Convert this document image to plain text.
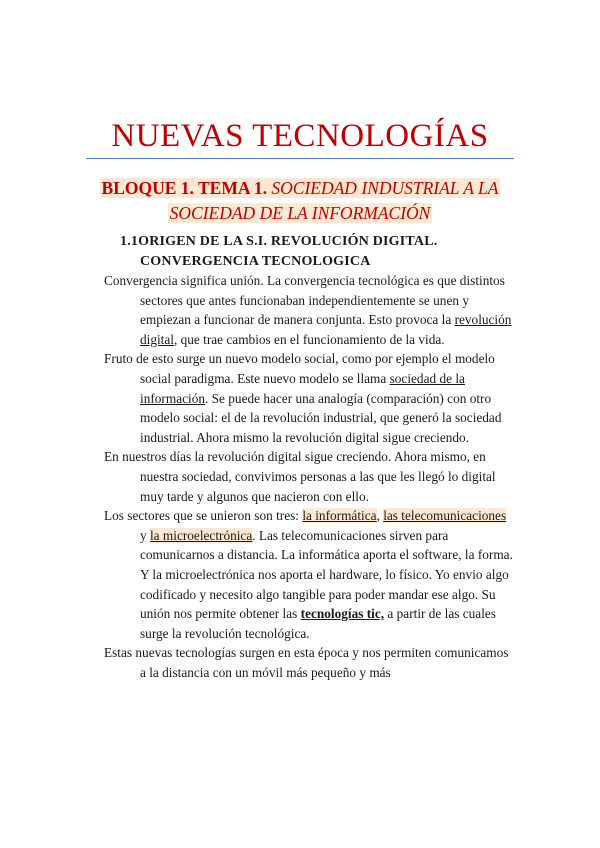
NUEVAS TECNOLOGÍAS
BLOQUE 1. TEMA 1. SOCIEDAD INDUSTRIAL A LA
SOCIEDAD DE LA INFORMACIÓN
1.1ORIGEN DE LA S.I. REVOLUCIÓN DIGITAL.
CONVERGENCIA TECNOLOGICA

Convergencia significa unión. La convergencia tecnológica es que distintos sectores que antes funcionaban independientemente se unen y empiezan a funcionar de manera conjunta. Esto provoca la revolución digital, que trae cambios en el funcionamiento de la vida.

Fruto de esto surge un nuevo modelo social, como por ejemplo el modelo social paradigma. Este nuevo modelo se llama sociedad de la información. Se puede hacer una analogía (comparación) con otro modelo social: el de la revolución industrial, que generó la sociedad industrial. Ahora mismo la revolución digital sigue creciendo.

En nuestros días la revolución digital sigue creciendo. Ahora mismo, en nuestra sociedad, convivimos personas a las que les llegó lo digital muy tarde y algunos que nacieron con ello.

Los sectores que se unieron son tres: la informática, las telecomunicaciones y la microelectrónica. Las telecomunicaciones sirven para comunicarnos a distancia. La informática aporta el software, la forma. Y la microelectrónica nos aporta el hardware, lo físico. Yo envio algo codificado y necesito algo tangible para poder mandar ese algo. Su unión nos permite obtener las tecnologías tic, a partir de las cuales surge la revolución tecnológica.

Estas nuevas tecnologías surgen en esta época y nos permiten comunicamos a la distancia con un móvil más pequeño y más
